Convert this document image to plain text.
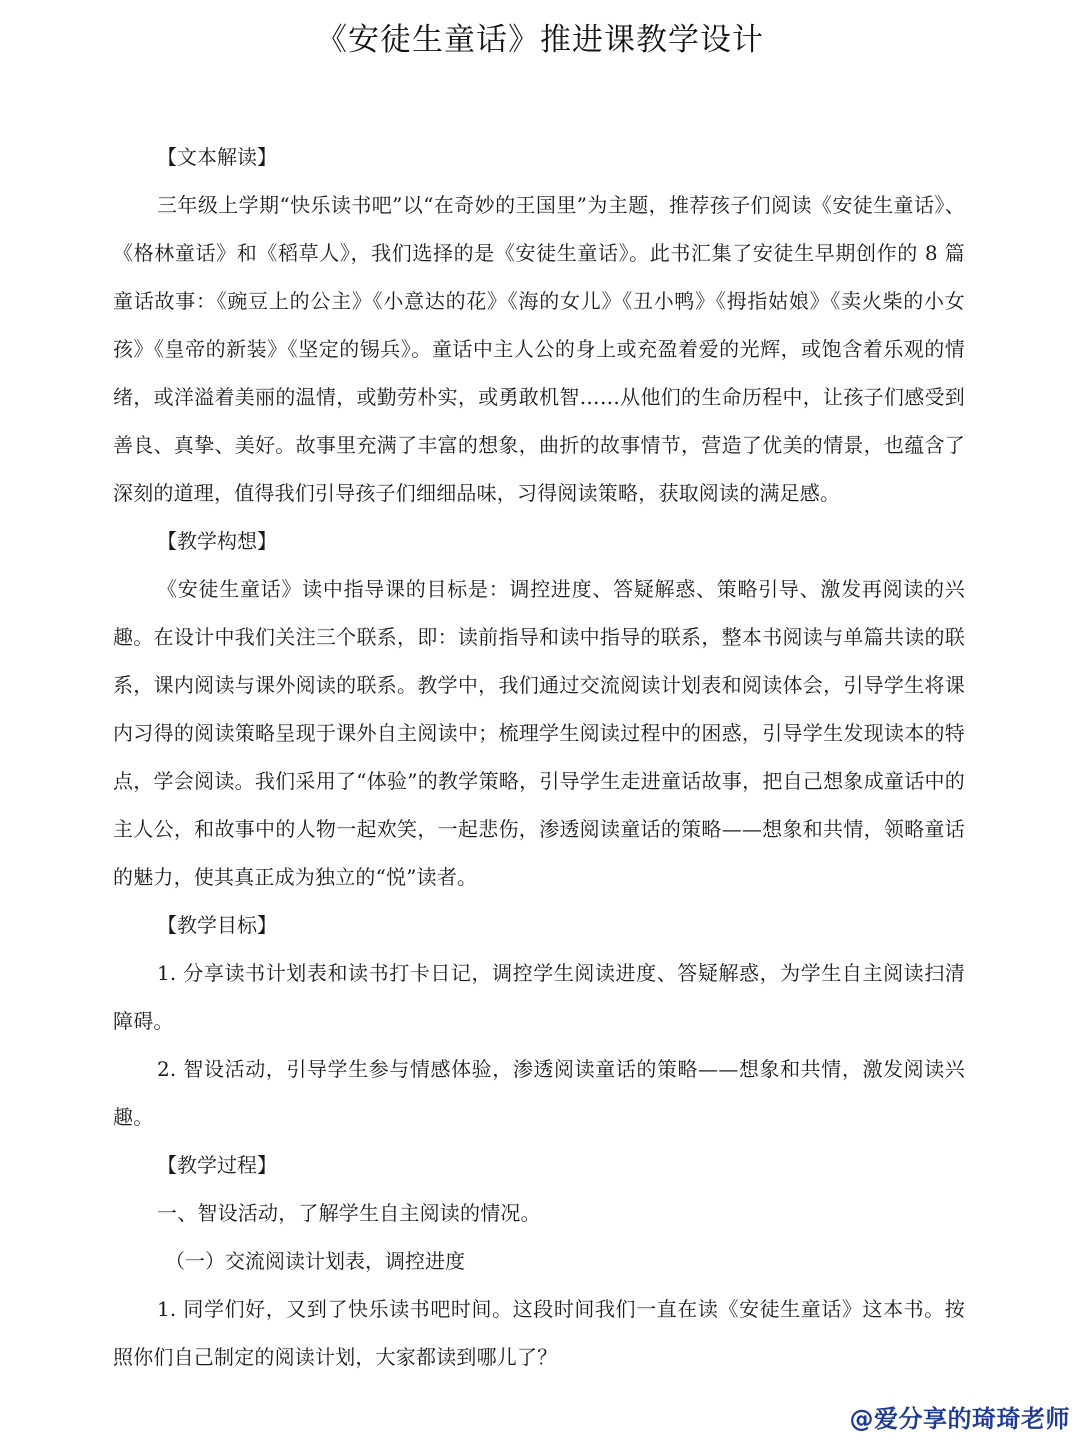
《安徒生童话》推进课教学设计

【文本解读】

三年级上学期“快乐读书吧”以“在奇妙的王国里”为主题，推荐孩子们阅读《安徒生童话》、《格林童话》和《稻草人》，我们选择的是《安徒生童话》。此书汇集了安徒生早期创作的 8 篇童话故事：《豌豆上的公主》《小意达的花》《海的女儿》《丑小鸭》《拇指姑娘》《卖火柴的小女孩》《皇帝的新装》《坚定的锡兵》。童话中主人公的身上或充盈着爱的光辉，或饱含着乐观的情绪，或洋溢着美丽的温情，或勤劳朴实，或勇敢机智……从他们的生命历程中，让孩子们感受到善良、真挚、美好。故事里充满了丰富的想象，曲折的故事情节，营造了优美的情景，也蕴含了深刻的道理，值得我们引导孩子们细细品味，习得阅读策略，获取阅读的满足感。

【教学构想】

《安徒生童话》读中指导课的目标是：调控进度、答疑解惑、策略引导、激发再阅读的兴趣。在设计中我们关注三个联系，即：读前指导和读中指导的联系，整本书阅读与单篇共读的联系，课内阅读与课外阅读的联系。教学中，我们通过交流阅读计划表和阅读体会，引导学生将课内习得的阅读策略呈现于课外自主阅读中；梳理学生阅读过程中的困惑，引导学生发现读本的特点，学会阅读。我们采用了“体验”的教学策略，引导学生走进童话故事，把自己想象成童话中的主人公，和故事中的人物一起欢笑，一起悲伤，渗透阅读童话的策略——想象和共情，领略童话的魅力，使其真正成为独立的“悦”读者。

【教学目标】

1. 分享读书计划表和读书打卡日记，调控学生阅读进度、答疑解惑，为学生自主阅读扫清障碍。

2. 智设活动，引导学生参与情感体验，渗透阅读童话的策略——想象和共情，激发阅读兴趣。

【教学过程】

一、智设活动，了解学生自主阅读的情况。

（一）交流阅读计划表，调控进度

1. 同学们好，又到了快乐读书吧时间。这段时间我们一直在读《安徒生童话》这本书。按照你们自己制定的阅读计划，大家都读到哪儿了？

@爱分享的琦琦老师
